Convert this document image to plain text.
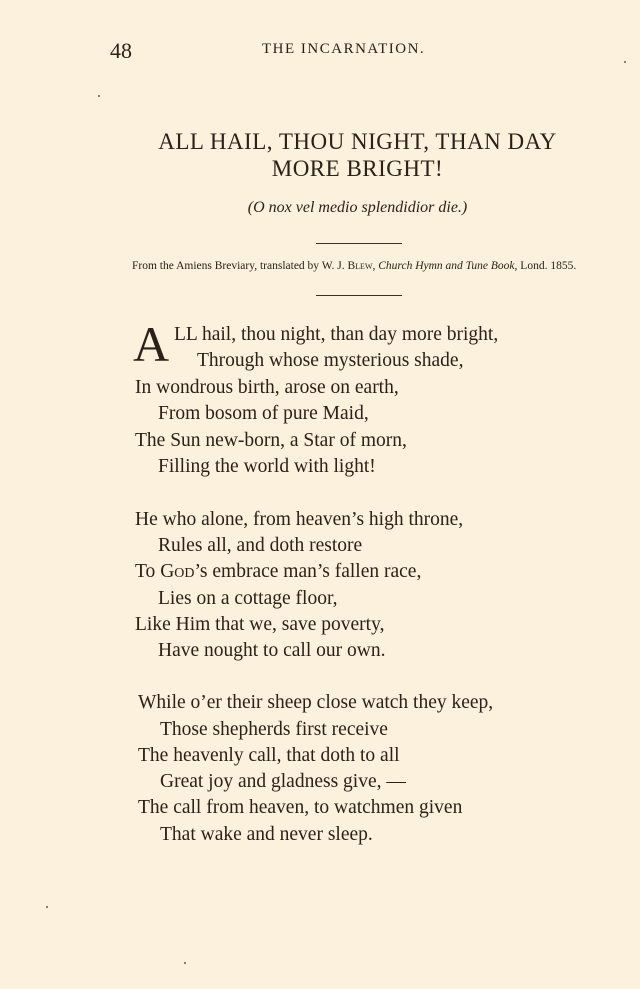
48	THE INCARNATION.
ALL HAIL, THOU NIGHT, THAN DAY
MORE BRIGHT!
(O nox vel medio splendidior die.)
From the Amiens Breviary, translated by W. J. Blew, Church Hymn and Tune Book, Lond. 1855.
A LL hail, thou night, than day more bright,
Through whose mysterious shade,
In wondrous birth, arose on earth,
From bosom of pure Maid,
The Sun new-born, a Star of morn,
Filling the world with light!
He who alone, from heaven’s high throne,
Rules all, and doth restore
To God’s embrace man’s fallen race,
Lies on a cottage floor,
Like Him that we, save poverty,
Have nought to call our own.
While o’er their sheep close watch they keep,
Those shepherds first receive
The heavenly call, that doth to all
Great joy and gladness give, —
The call from heaven, to watchmen given
That wake and never sleep.
